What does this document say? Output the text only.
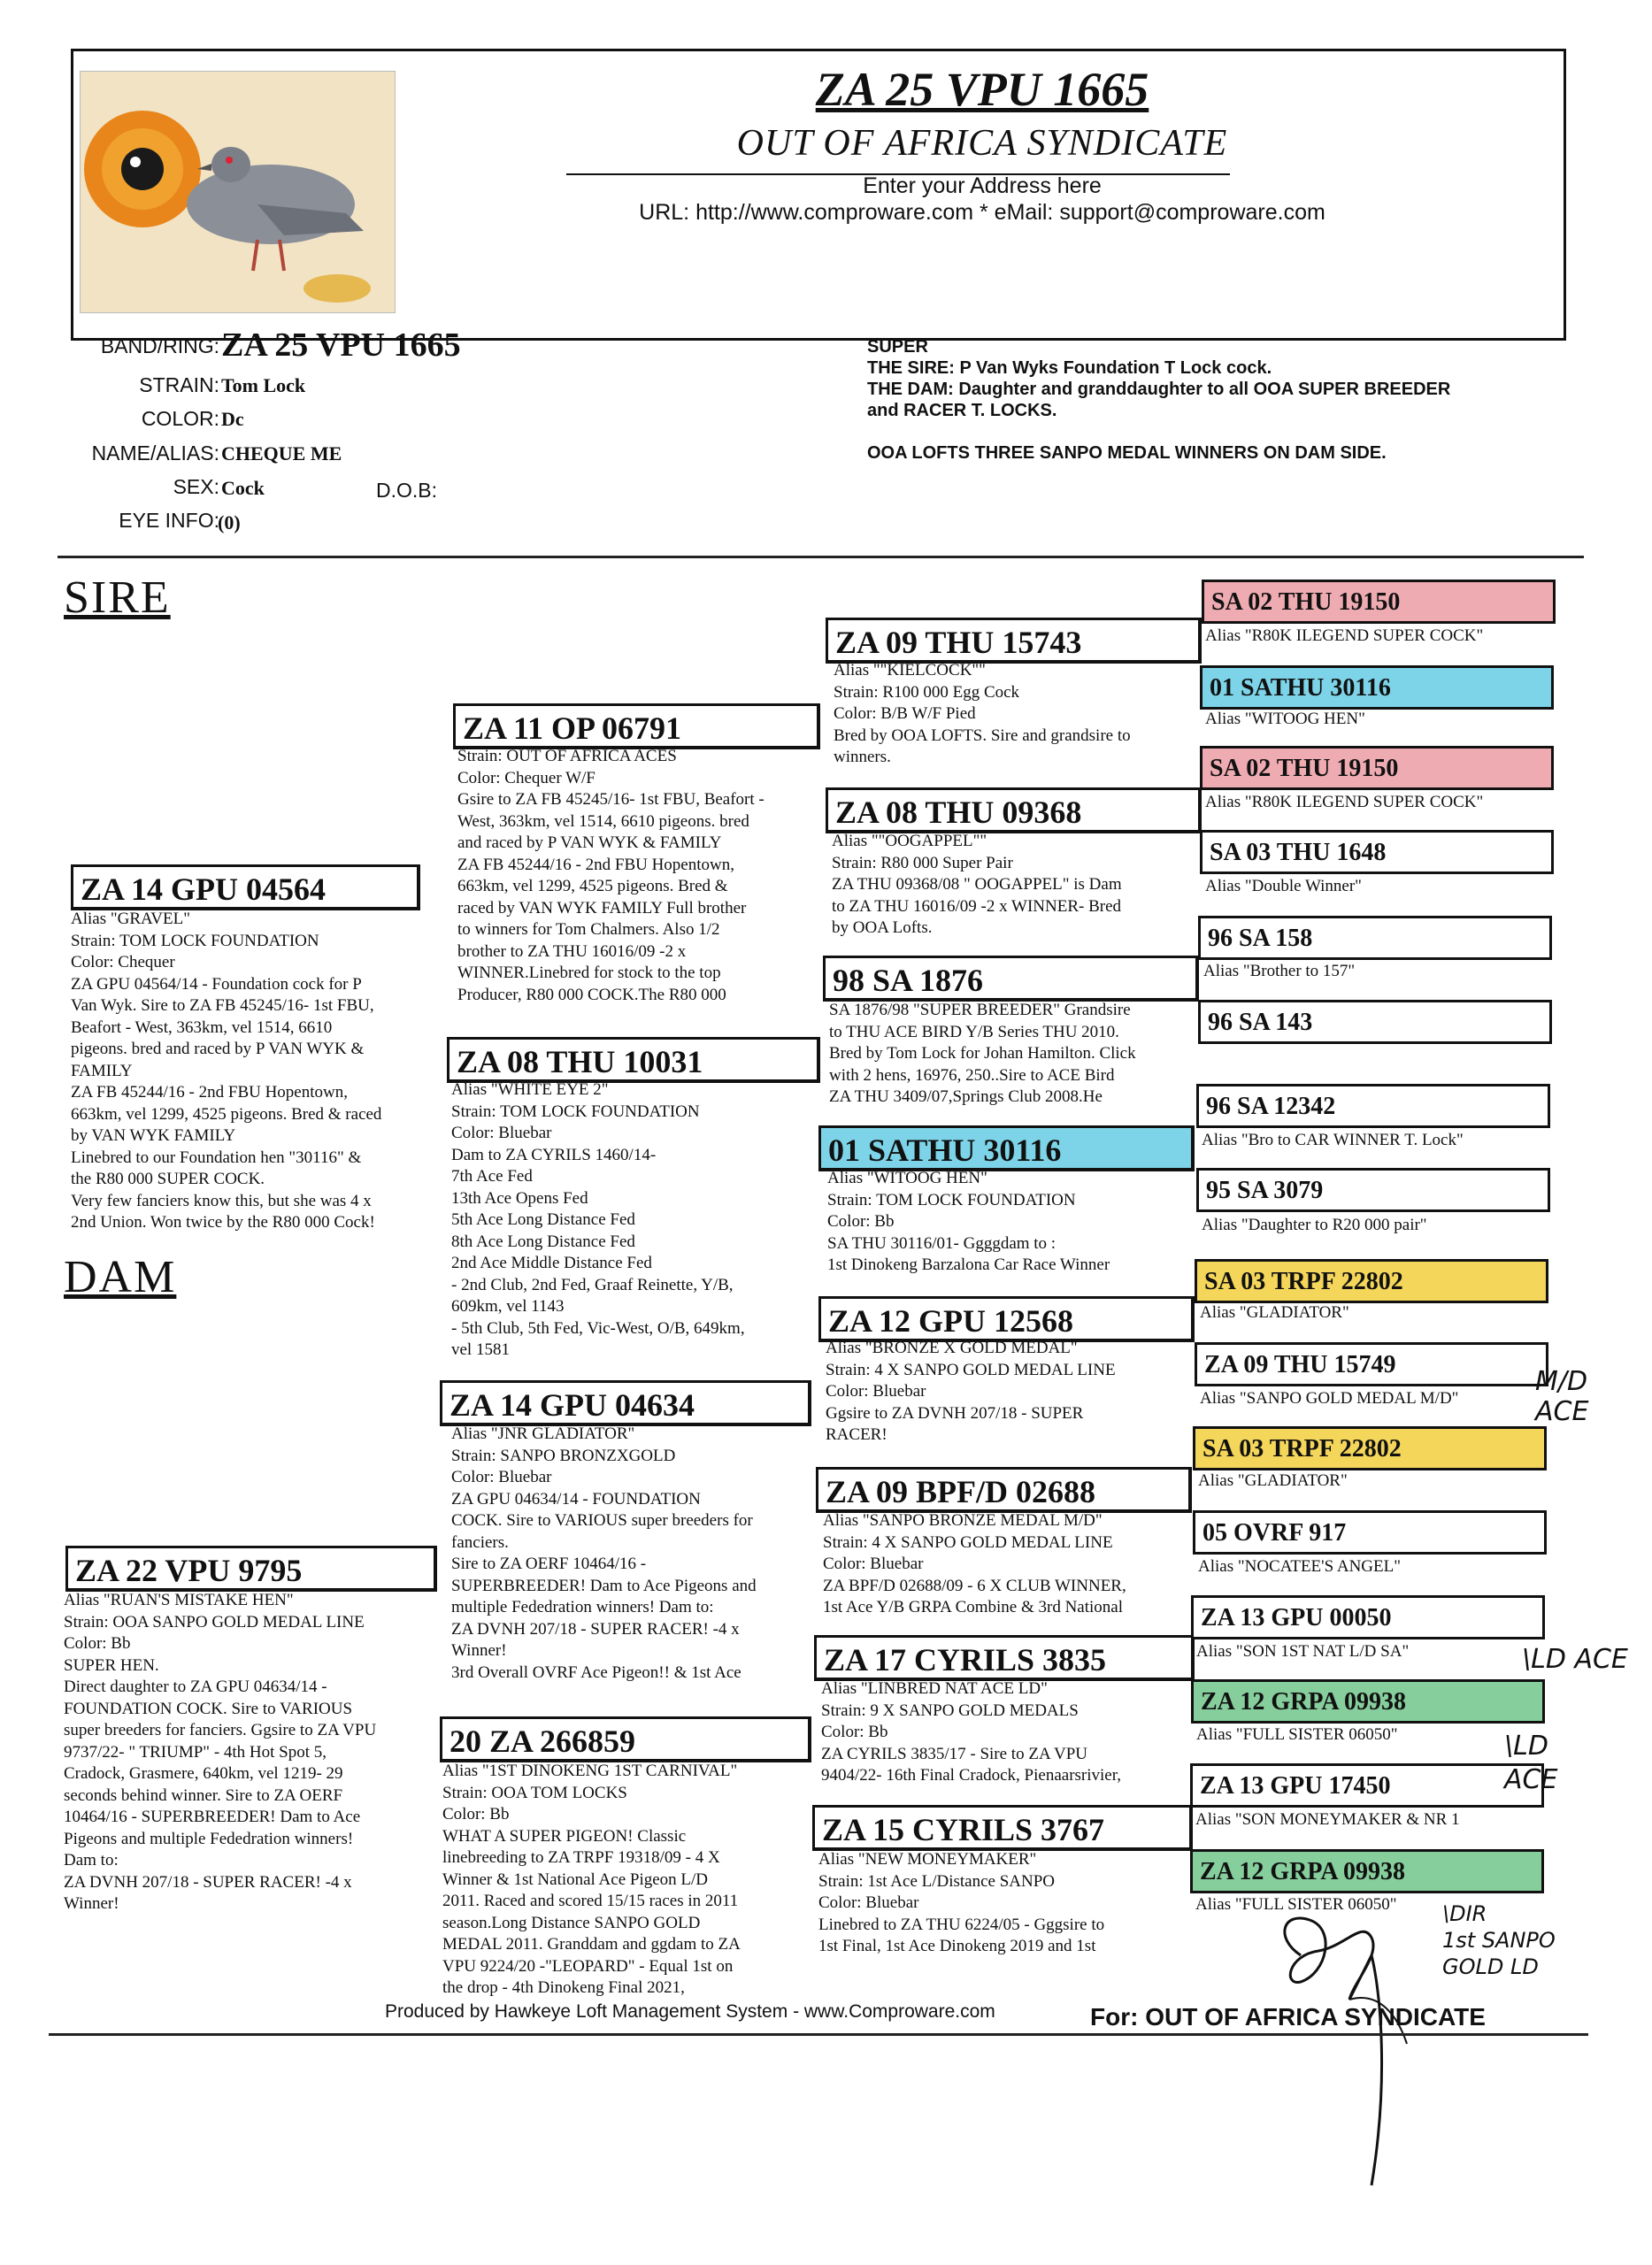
ZA 25 VPU 1665
OUT OF AFRICA SYNDICATE
Enter your Address here
URL: http://www.comproware.com * eMail: support@comproware.com
BAND/RING: ZA 25 VPU 1665
STRAIN: Tom Lock
COLOR: Dc
NAME/ALIAS: CHEQUE ME
SEX: Cock	D.O.B:
EYE INFO:
(0)
SUPER
THE SIRE: P Van Wyks Foundation T Lock cock.
THE DAM: Daughter and granddaughter to all OOA SUPER BREEDER
and RACER T. LOCKS.

OOA LOFTS THREE SANPO MEDAL WINNERS ON DAM SIDE.
SIRE
DAM
ZA 14 GPU 04564
Alias "GRAVEL"
Strain: TOM LOCK FOUNDATION
Color: Chequer
ZA GPU 04564/14 - Foundation cock for P
Van Wyk. Sire to ZA FB 45245/16- 1st FBU,
Beafort - West, 363km, vel 1514, 6610
pigeons. bred and raced by P VAN WYK &
FAMILY
ZA FB 45244/16 - 2nd FBU Hopentown,
663km, vel 1299, 4525 pigeons. Bred & raced
by VAN WYK FAMILY
Linebred to our Foundation hen "30116" &
the R80 000 SUPER COCK.
Very few fanciers know this, but she was 4 x
2nd Union. Won twice by the R80 000 Cock!
ZA 22 VPU 9795
Alias "RUAN'S MISTAKE HEN"
Strain: OOA SANPO GOLD MEDAL LINE
Color: Bb
SUPER HEN.
Direct daughter to ZA GPU 04634/14 -
FOUNDATION COCK. Sire to VARIOUS
super breeders for fanciers. Ggsire to ZA VPU
9737/22- " TRIUMP" - 4th Hot Spot 5,
Cradock, Grasmere, 640km, vel 1219- 29
seconds behind winner. Sire to ZA OERF
10464/16 - SUPERBREEDER! Dam to Ace
Pigeons and multiple Fededration winners!
Dam to:
ZA DVNH 207/18 - SUPER RACER! -4 x
Winner!
ZA 11 OP 06791
Strain: OUT OF AFRICA ACES
Color: Chequer W/F
Gsire to ZA FB 45245/16- 1st FBU, Beafort -
West, 363km, vel 1514, 6610 pigeons. bred
and raced by P VAN WYK & FAMILY
ZA FB 45244/16 - 2nd FBU Hopentown,
663km, vel 1299, 4525 pigeons. Bred &
raced by VAN WYK FAMILY Full brother
to winners for Tom Chalmers. Also 1/2
brother to ZA THU 16016/09 -2 x
WINNER.Linebred for stock to the top
Producer, R80 000 COCK.The R80 000
ZA 08 THU 10031
Alias "WHITE EYE 2"
Strain: TOM LOCK FOUNDATION
Color: Bluebar
Dam to ZA CYRILS 1460/14-
7th Ace Fed
13th Ace Opens Fed
5th Ace Long Distance Fed
8th Ace Long Distance Fed
2nd Ace Middle Distance Fed
- 2nd Club, 2nd Fed, Graaf Reinette, Y/B,
609km, vel 1143
- 5th Club, 5th Fed, Vic-West, O/B, 649km,
vel 1581
ZA 14 GPU 04634
Alias "JNR GLADIATOR"
Strain: SANPO BRONZXGOLD
Color: Bluebar
ZA GPU 04634/14 - FOUNDATION
COCK. Sire to VARIOUS super breeders for
fanciers.
Sire to ZA OERF 10464/16 -
SUPERBREEDER! Dam to Ace Pigeons and
multiple Fededration winners! Dam to:
ZA DVNH 207/18 - SUPER RACER! -4 x
Winner!
3rd Overall OVRF Ace Pigeon!! & 1st Ace
20 ZA 266859
Alias "1ST DINOKENG 1ST CARNIVAL"
Strain: OOA TOM LOCKS
Color: Bb
WHAT A SUPER PIGEON! Classic
linebreeding to ZA TRPF 19318/09 - 4 X
Winner & 1st National Ace Pigeon L/D
2011. Raced and scored 15/15 races in 2011
season.Long Distance SANPO GOLD
MEDAL 2011. Granddam and ggdam to ZA
VPU 9224/20 -"LEOPARD" - Equal 1st on
the drop - 4th Dinokeng Final 2021,
ZA 09 THU 15743
Alias ""KIELCOCK""
Strain: R100 000 Egg Cock
Color: B/B W/F Pied
Bred by OOA LOFTS. Sire and grandsire to
winners.
ZA 08 THU 09368
Alias ""OOGAPPEL""
Strain: R80 000 Super Pair
ZA THU 09368/08 " OOGAPPEL" is Dam
to ZA THU 16016/09 -2 x WINNER- Bred
by OOA Lofts.
98 SA 1876
SA 1876/98 "SUPER BREEDER" Grandsire
to THU ACE BIRD Y/B Series THU 2010.
Bred by Tom Lock for Johan Hamilton. Click
with 2 hens, 16976, 250..Sire to ACE Bird
ZA THU 3409/07,Springs Club 2008.He
01 SATHU 30116
Alias "WITOOG HEN"
Strain: TOM LOCK FOUNDATION
Color: Bb
SA THU 30116/01- Ggggdam to :
1st Dinokeng Barzalona Car Race Winner
ZA 12 GPU 12568
Alias "BRONZE X GOLD MEDAL"
Strain: 4 X SANPO GOLD MEDAL LINE
Color: Bluebar
Ggsire to ZA DVNH 207/18 - SUPER
RACER!
ZA 09 BPF/D 02688
Alias "SANPO BRONZE MEDAL M/D"
Strain: 4 X SANPO GOLD MEDAL LINE
Color: Bluebar
ZA BPF/D 02688/09 - 6 X CLUB WINNER,
1st Ace Y/B GRPA Combine & 3rd National
ZA 17 CYRILS 3835
Alias "LINBRED NAT ACE LD"
Strain: 9 X SANPO GOLD MEDALS
Color: Bb
ZA CYRILS 3835/17 - Sire to ZA VPU
9404/22- 16th Final Cradock, Pienaarsrivier,
ZA 15 CYRILS 3767
Alias "NEW MONEYMAKER"
Strain: 1st Ace L/Distance SANPO
Color: Bluebar
Linebred to ZA THU 6224/05 - Gggsire to
1st Final, 1st Ace Dinokeng 2019 and 1st
SA 02 THU 19150
Alias "R80K ILEGEND SUPER COCK"
01 SATHU 30116
Alias "WITOOG HEN"
SA 02 THU 19150
Alias "R80K ILEGEND SUPER COCK"
SA 03 THU 1648
Alias "Double Winner"
96 SA 158
Alias "Brother to 157"
96 SA 143
96 SA 12342
Alias "Bro to CAR WINNER T. Lock"
95 SA 3079
Alias "Daughter to R20 000 pair"
SA 03 TRPF 22802
Alias "GLADIATOR"
ZA 09 THU 15749
Alias "SANPO GOLD MEDAL M/D"
SA 03 TRPF 22802
Alias "GLADIATOR"
05 OVRF 917
Alias "NOCATEE'S ANGEL"
ZA 13 GPU 00050
Alias "SON 1ST NAT L/D SA"
ZA 12 GRPA 09938
Alias "FULL SISTER 06050"
ZA 13 GPU 17450
Alias "SON MONEYMAKER & NR 1
ZA 12 GRPA 09938
Alias "FULL SISTER 06050"
M/D
ACE
\LD ACE
\LD
ACE
\DIR
1st SANPO
GOLD LD
Produced by Hawkeye Loft Management System - www.Comproware.com	For: OUT OF AFRICA SYNDICATE
